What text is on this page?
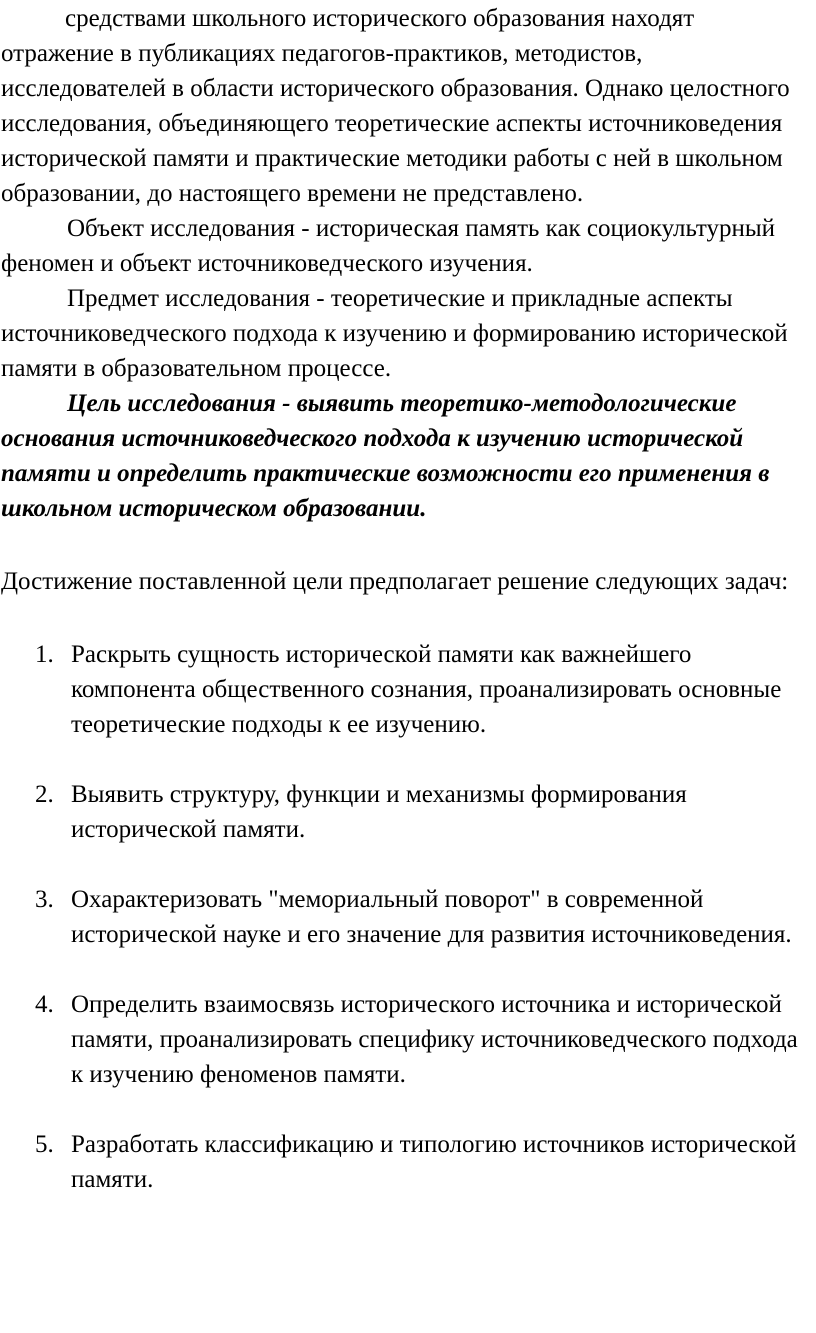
средствами школьного исторического образования находят
отражение в публикациях педагогов-практиков, методистов, исследователей в области исторического образования. Однако целостного исследования, объединяющего теоретические аспекты источниковедения исторической памяти и практические методики работы с ней в школьном образовании, до настоящего времени не представлено.

Объект исследования - историческая память как социокультурный феномен и объект источниковедческого изучения.

Предмет исследования - теоретические и прикладные аспекты источниковедческого подхода к изучению и формированию исторической памяти в образовательном процессе.

Цель исследования - выявить теоретико-методологические основания источниковедческого подхода к изучению исторической памяти и определить практические возможности его применения в школьном историческом образовании.

Достижение поставленной цели предполагает решение следующих задач:

1. Раскрыть сущность исторической памяти как важнейшего компонента общественного сознания, проанализировать основные теоретические подходы к ее изучению.
2. Выявить структуру, функции и механизмы формирования исторической памяти.
3. Охарактеризовать "мемориальный поворот" в современной исторической науке и его значение для развития источниковедения.
4. Определить взаимосвязь исторического источника и исторической памяти, проанализировать специфику источниковедческого подхода к изучению феноменов памяти.
5. Разработать классификацию и типологию источников исторической памяти.
